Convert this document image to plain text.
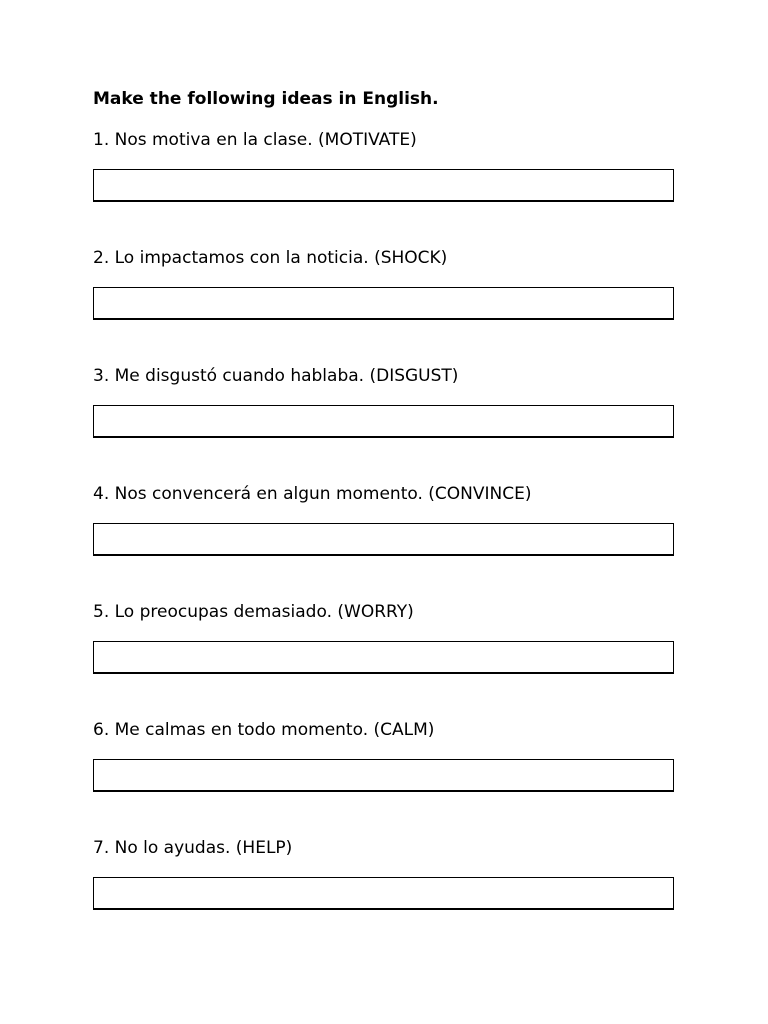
Make the following ideas in English.
1. Nos motiva en la clase. (MOTIVATE)
2. Lo impactamos con la noticia. (SHOCK)
3. Me disgustó cuando hablaba. (DISGUST)
4. Nos convencerá en algun momento. (CONVINCE)
5. Lo preocupas demasiado. (WORRY)
6. Me calmas en todo momento. (CALM)
7. No lo ayudas. (HELP)
